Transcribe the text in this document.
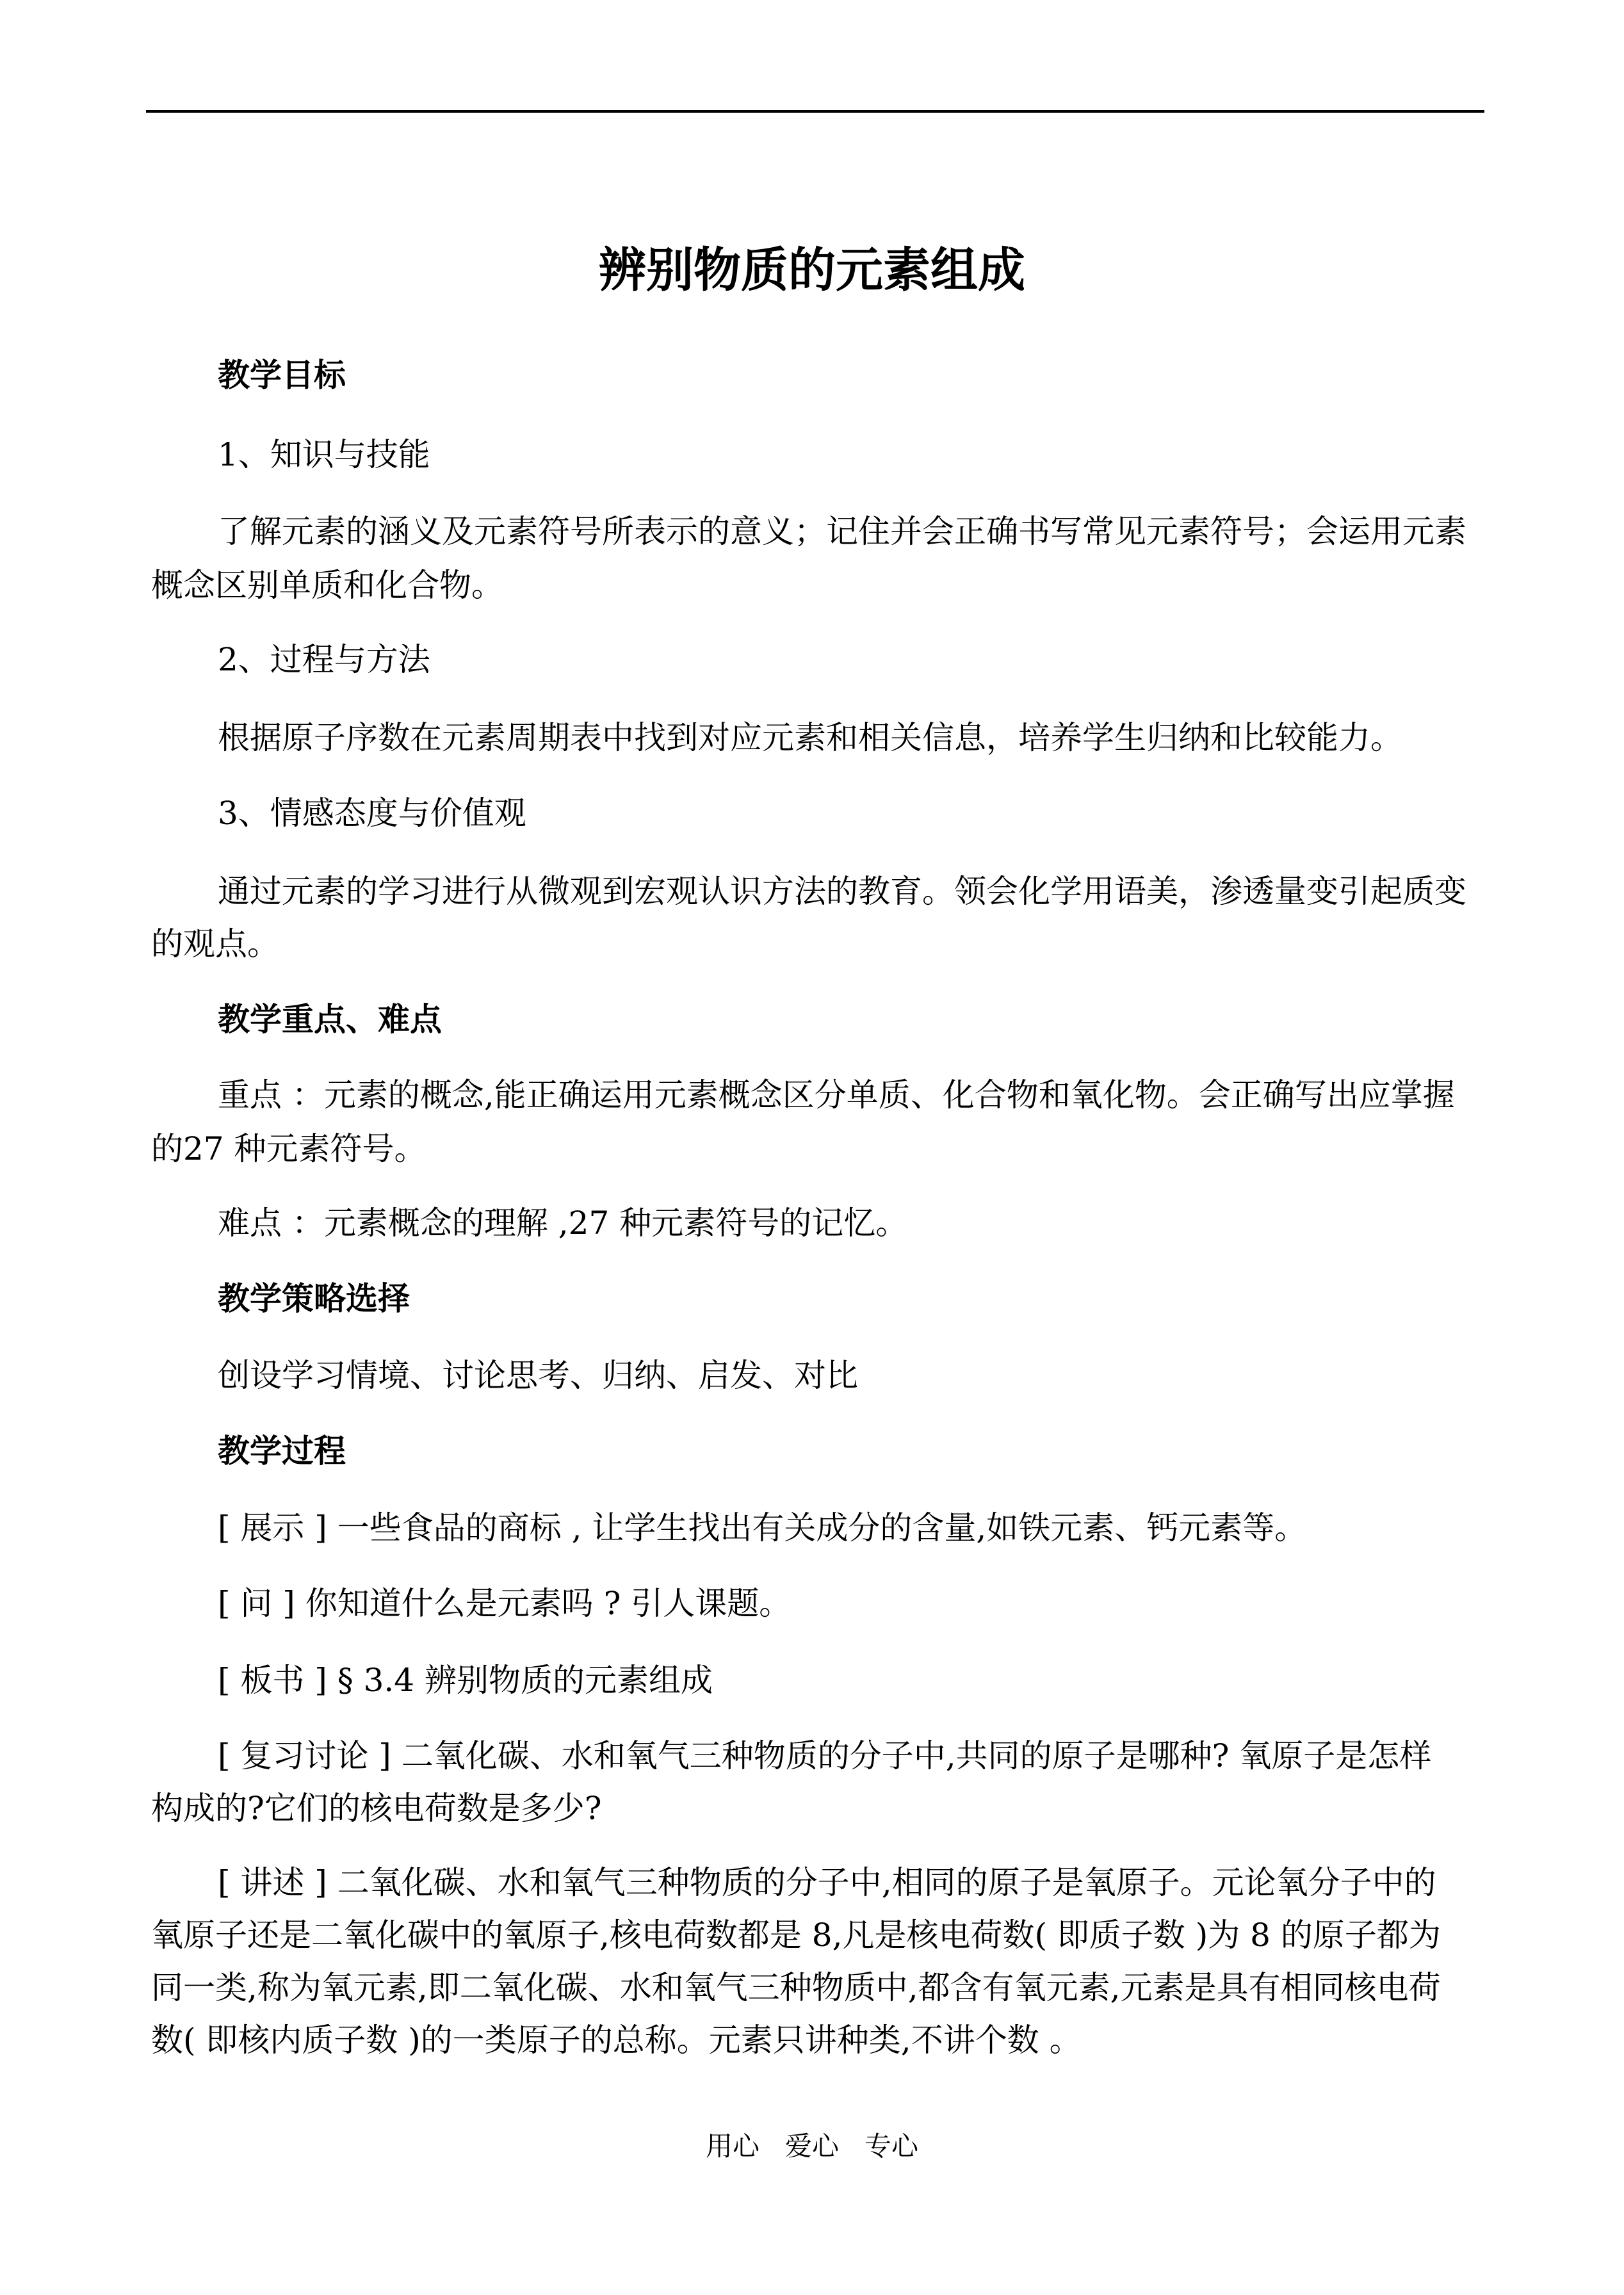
辨别物质的元素组成
教学目标
1、知识与技能
了解元素的涵义及元素符号所表示的意义；记住并会正确书写常见元素符号；会运用元素
概念区别单质和化合物。
2、过程与方法
根据原子序数在元素周期表中找到对应元素和相关信息，培养学生归纳和比较能力。
3、情感态度与价值观
通过元素的学习进行从微观到宏观认识方法的教育。领会化学用语美，渗透量变引起质变
的观点。
教学重点、难点
重点 ：元素的概念,能正确运用元素概念区分单质、化合物和氧化物。会正确写出应掌握
的27 种元素符号。
难点 ：元素概念的理解 ,27 种元素符号的记忆。
教学策略选择
创设学习情境、讨论思考、归纳、启发、对比
教学过程
[ 展示 ] 一些食品的商标 , 让学生找出有关成分的含量,如铁元素、钙元素等。
[ 问 ] 你知道什么是元素吗 ? 引人课题。
[ 板书 ] § 3.4 辨别物质的元素组成
[ 复习讨论 ] 二氧化碳、水和氧气三种物质的分子中,共同的原子是哪种? 氧原子是怎样
构成的?它们的核电荷数是多少?
[ 讲述 ] 二氧化碳、水和氧气三种物质的分子中,相同的原子是氧原子。元论氧分子中的
氧原子还是二氧化碳中的氧原子,核电荷数都是 8,凡是核电荷数( 即质子数 )为 8 的原子都为
同一类,称为氧元素,即二氧化碳、水和氧气三种物质中,都含有氧元素,元素是具有相同核电荷
数( 即核内质子数 )的一类原子的总称。元素只讲种类,不讲个数 。
用心   爱心   专心
